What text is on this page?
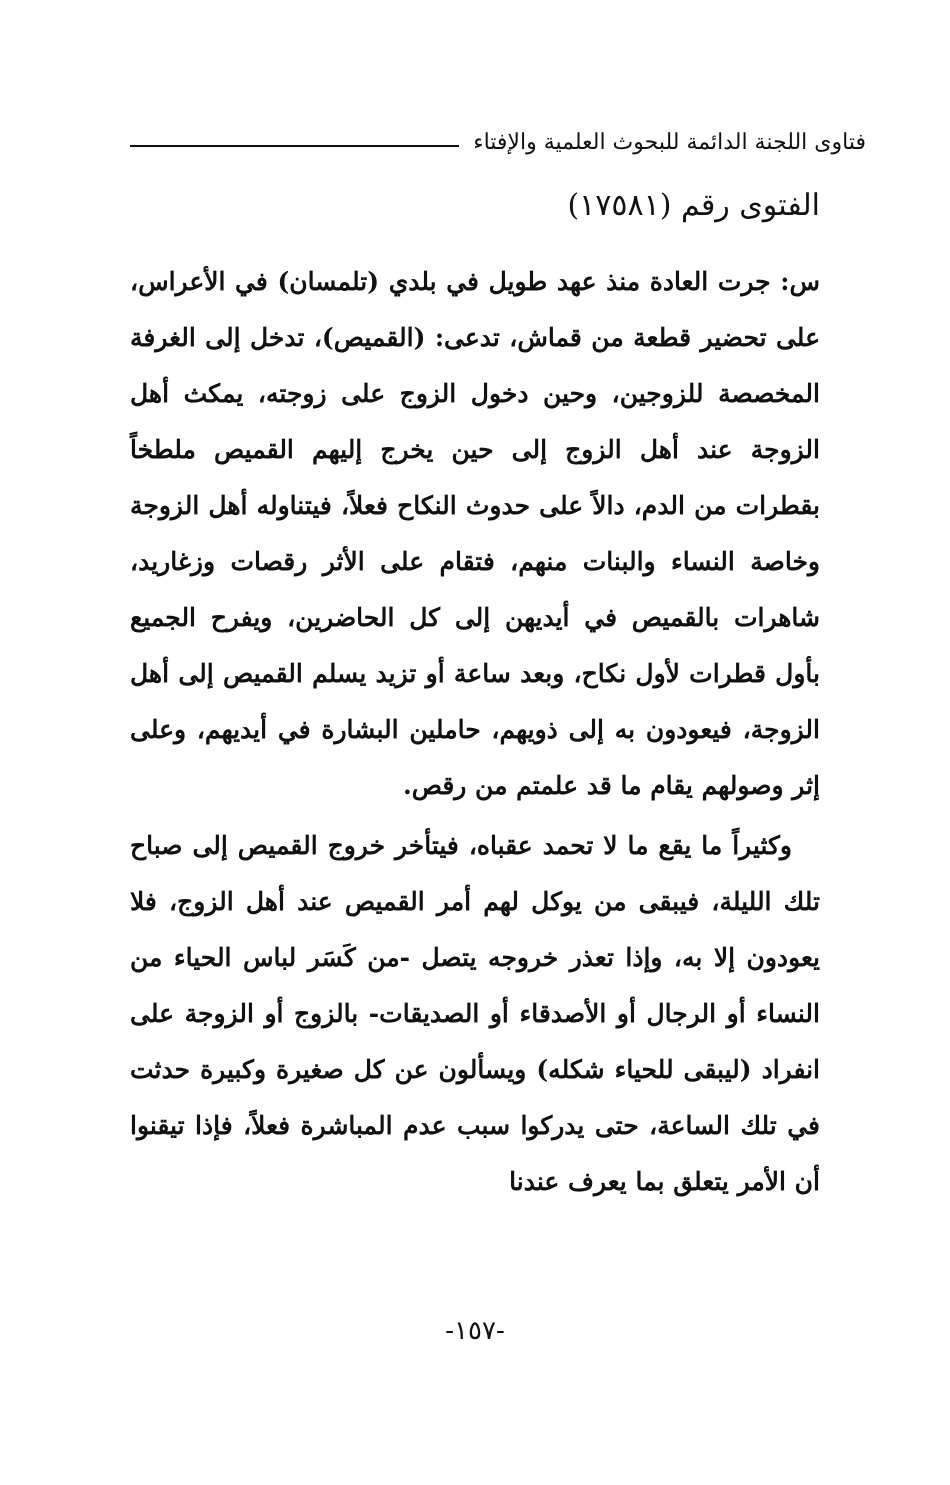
فتاوى اللجنة الدائمة للبحوث العلمية والإفتاء
الفتوى رقم (١٧٥٨١)

س: جرت العادة منذ عهد طويل في بلدي (تلمسان) في الأعراس، على تحضير قطعة من قماش، تدعى: (القميص)، تدخل إلى الغرفة المخصصة للزوجين، وحين دخول الزوج على زوجته، يمكث أهل الزوجة عند أهل الزوج إلى حين يخرج إليهم القميص ملطخاً بقطرات من الدم، دالاً على حدوث النكاح فعلاً، فيتناوله أهل الزوجة وخاصة النساء والبنات منهم، فتقام على الأثر رقصات وزغاريد، شاهرات بالقميص في أيديهن إلى كل الحاضرين، ويفرح الجميع بأول قطرات لأول نكاح، وبعد ساعة أو تزيد يسلم القميص إلى أهل الزوجة، فيعودون به إلى ذويهم، حاملين البشارة في أيديهم، وعلى إثر وصولهم يقام ما قد علمتم من رقص.

وكثيراً ما يقع ما لا تحمد عقباه، فيتأخر خروج القميص إلى صباح تلك الليلة، فيبقى من يوكل لهم أمر القميص عند أهل الزوج، فلا يعودون إلا به، وإذا تعذر خروجه يتصل -من كَسَر لباس الحياء من النساء أو الرجال أو الأصدقاء أو الصديقات- بالزوج أو الزوجة على انفراد (ليبقى للحياء شكله) ويسألون عن كل صغيرة وكبيرة حدثت في تلك الساعة، حتى يدركوا سبب عدم المباشرة فعلاً، فإذا تيقنوا أن الأمر يتعلق بما يعرف عندنا

-١٥٧-
